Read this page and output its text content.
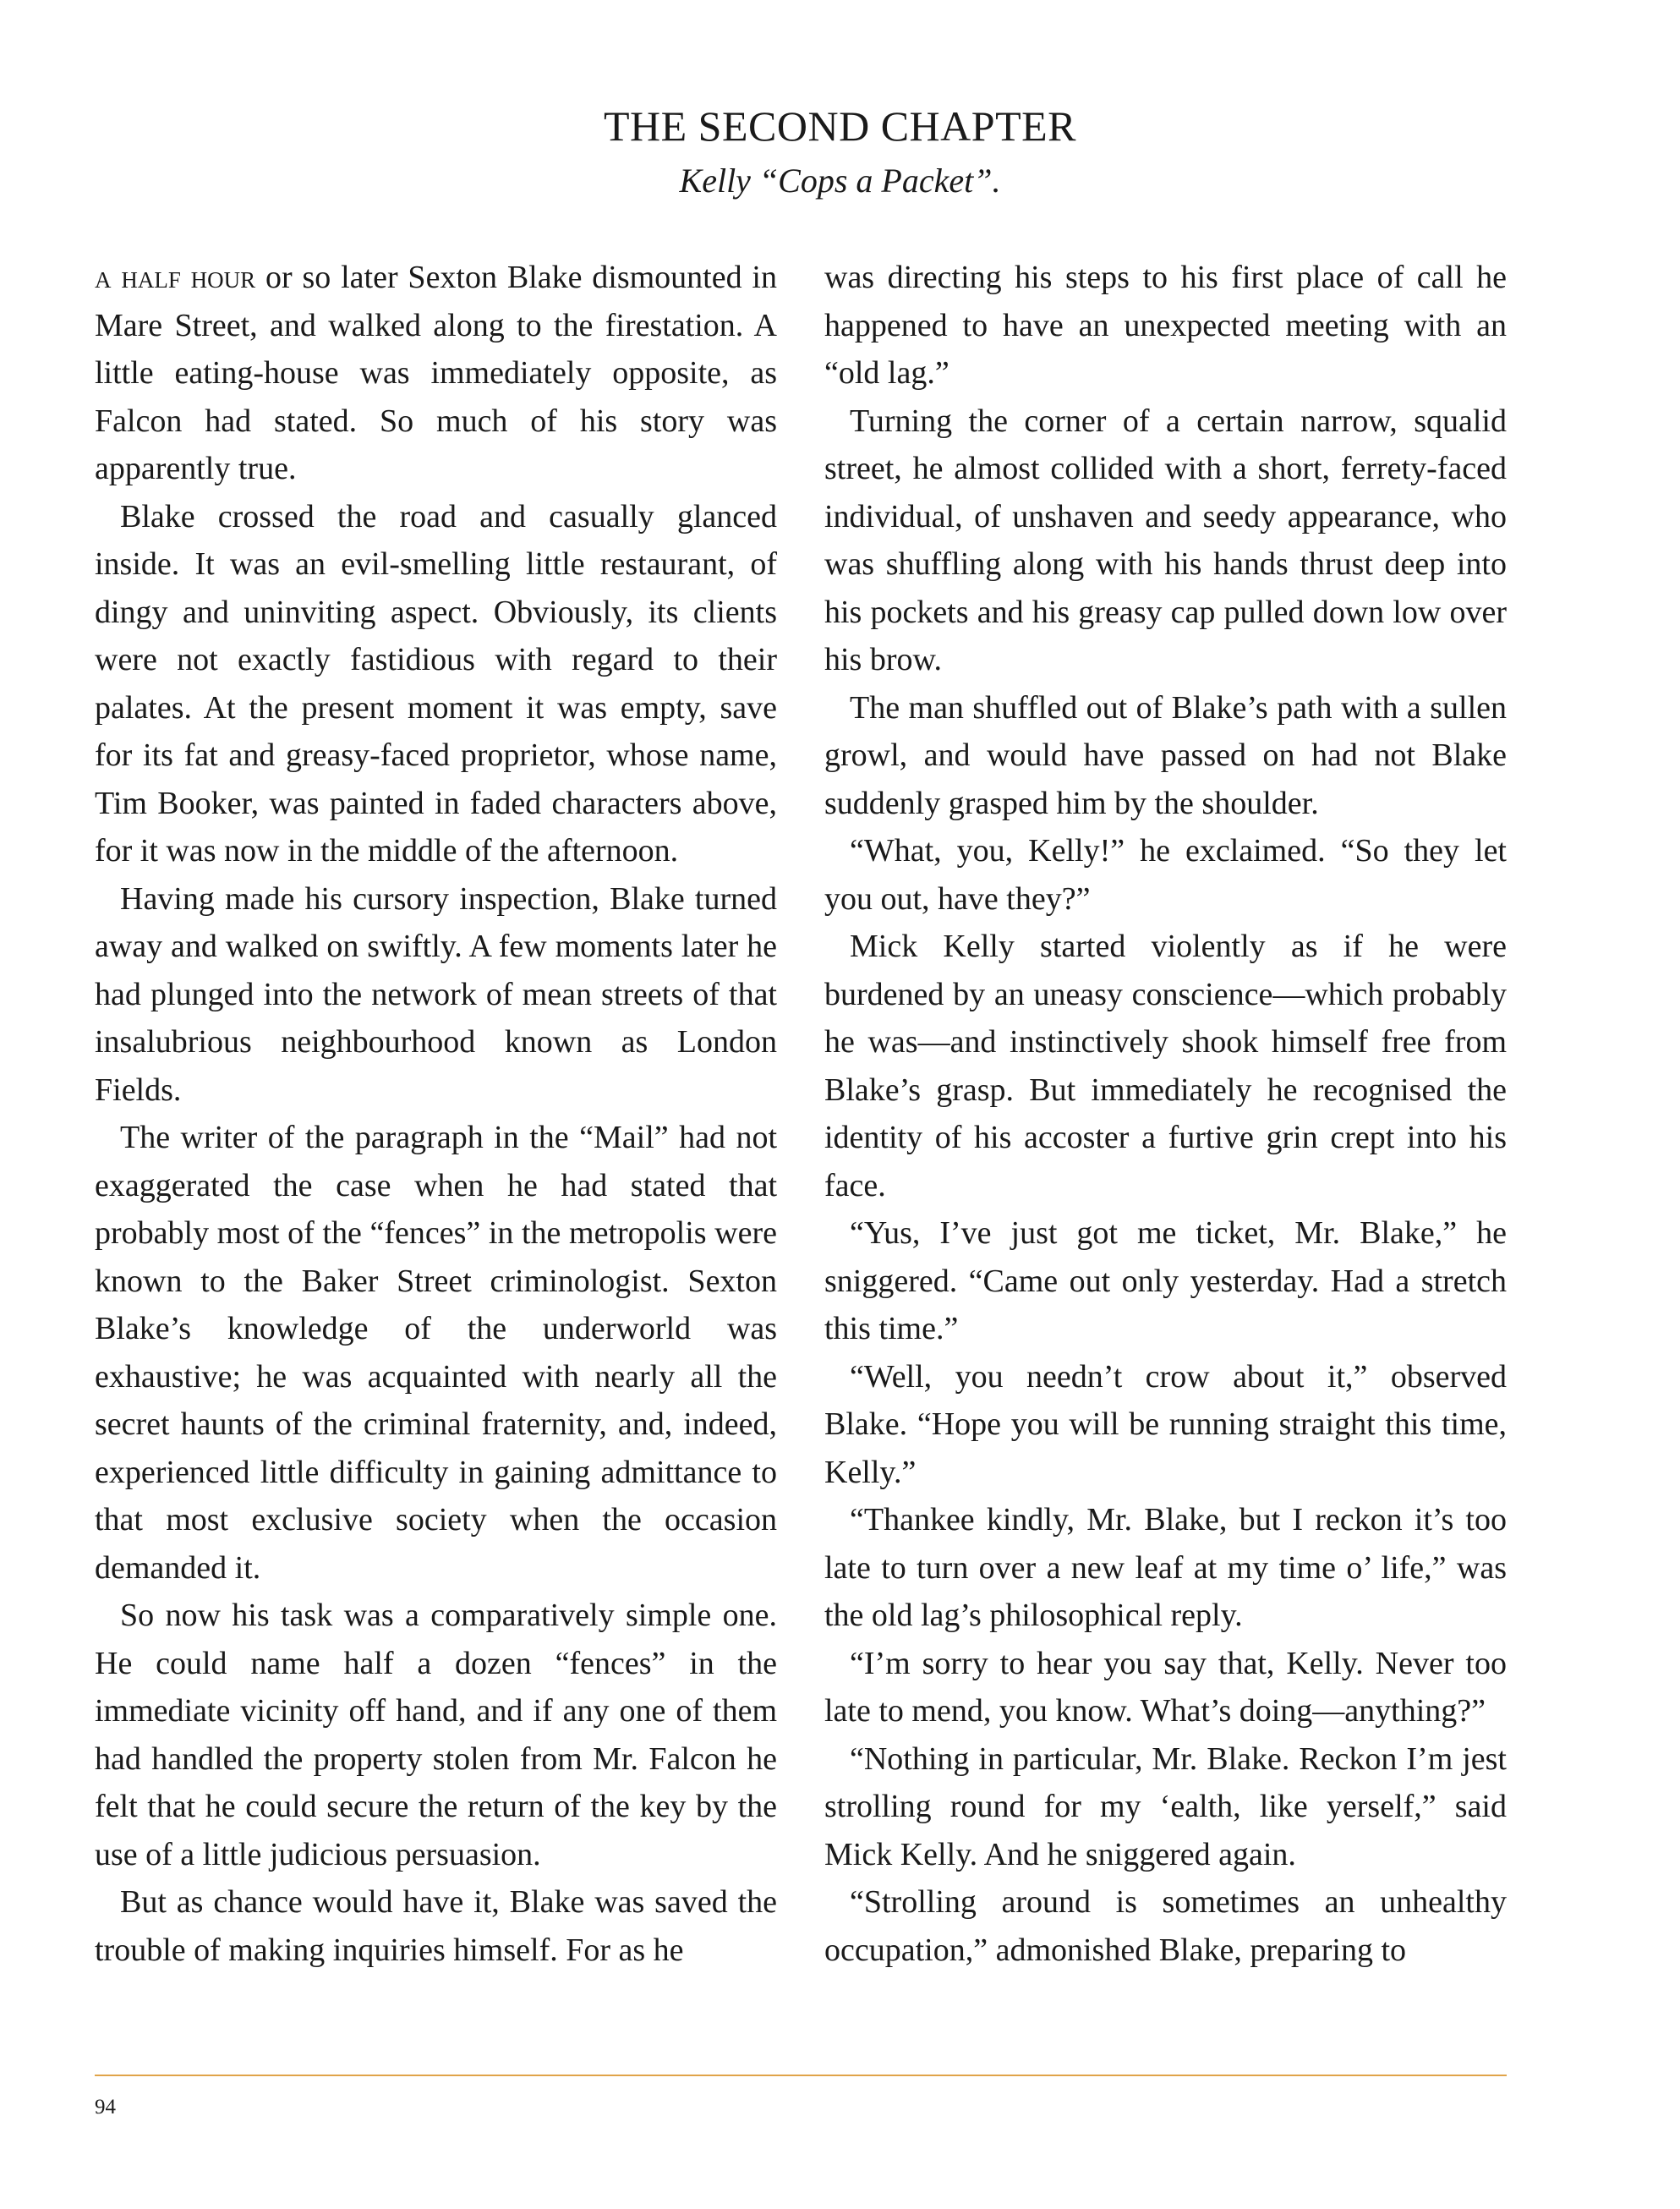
THE SECOND CHAPTER
Kelly “Cops a Packet”.

a half hour or so later Sexton Blake dismounted in Mare Street, and walked along to the firestation. A little eating-house was immediately opposite, as Falcon had stated. So much of his story was apparently true.

Blake crossed the road and casually glanced inside. It was an evil-smelling little restaurant, of dingy and uninviting aspect. Obviously, its clients were not exactly fastidious with regard to their palates. At the present moment it was empty, save for its fat and greasy-faced proprietor, whose name, Tim Booker, was painted in faded characters above, for it was now in the middle of the afternoon.

Having made his cursory inspection, Blake turned away and walked on swiftly. A few moments later he had plunged into the network of mean streets of that insalubrious neighbourhood known as London Fields.

The writer of the paragraph in the “Mail” had not exaggerated the case when he had stated that probably most of the “fences” in the metropolis were known to the Baker Street criminologist. Sexton Blake’s knowledge of the underworld was exhaustive; he was acquainted with nearly all the secret haunts of the criminal fraternity, and, indeed, experienced little difficulty in gaining admittance to that most exclusive society when the occasion demanded it.

So now his task was a comparatively simple one. He could name half a dozen “fences” in the immediate vicinity off hand, and if any one of them had handled the property stolen from Mr. Falcon he felt that he could secure the return of the key by the use of a little judicious persuasion.

But as chance would have it, Blake was saved the trouble of making inquiries himself. For as he

was directing his steps to his first place of call he happened to have an unexpected meeting with an “old lag.”

Turning the corner of a certain narrow, squalid street, he almost collided with a short, ferrety-faced individual, of unshaven and seedy appearance, who was shuffling along with his hands thrust deep into his pockets and his greasy cap pulled down low over his brow.

The man shuffled out of Blake’s path with a sullen growl, and would have passed on had not Blake suddenly grasped him by the shoulder.

“What, you, Kelly!” he exclaimed. “So they let you out, have they?”

Mick Kelly started violently as if he were burdened by an uneasy conscience—which probably he was—and instinctively shook himself free from Blake’s grasp. But immediately he recognised the identity of his accoster a furtive grin crept into his face.

“Yus, I’ve just got me ticket, Mr. Blake,” he sniggered. “Came out only yesterday. Had a stretch this time.”

“Well, you needn’t crow about it,” observed Blake. “Hope you will be running straight this time, Kelly.”

“Thankee kindly, Mr. Blake, but I reckon it’s too late to turn over a new leaf at my time o’ life,” was the old lag’s philosophical reply.

“I’m sorry to hear you say that, Kelly. Never too late to mend, you know. What’s doing—anything?”

“Nothing in particular, Mr. Blake. Reckon I’m jest strolling round for my ‘ealth, like yerself,” said Mick Kelly. And he sniggered again.

“Strolling around is sometimes an unhealthy occupation,” admonished Blake, preparing to

94
